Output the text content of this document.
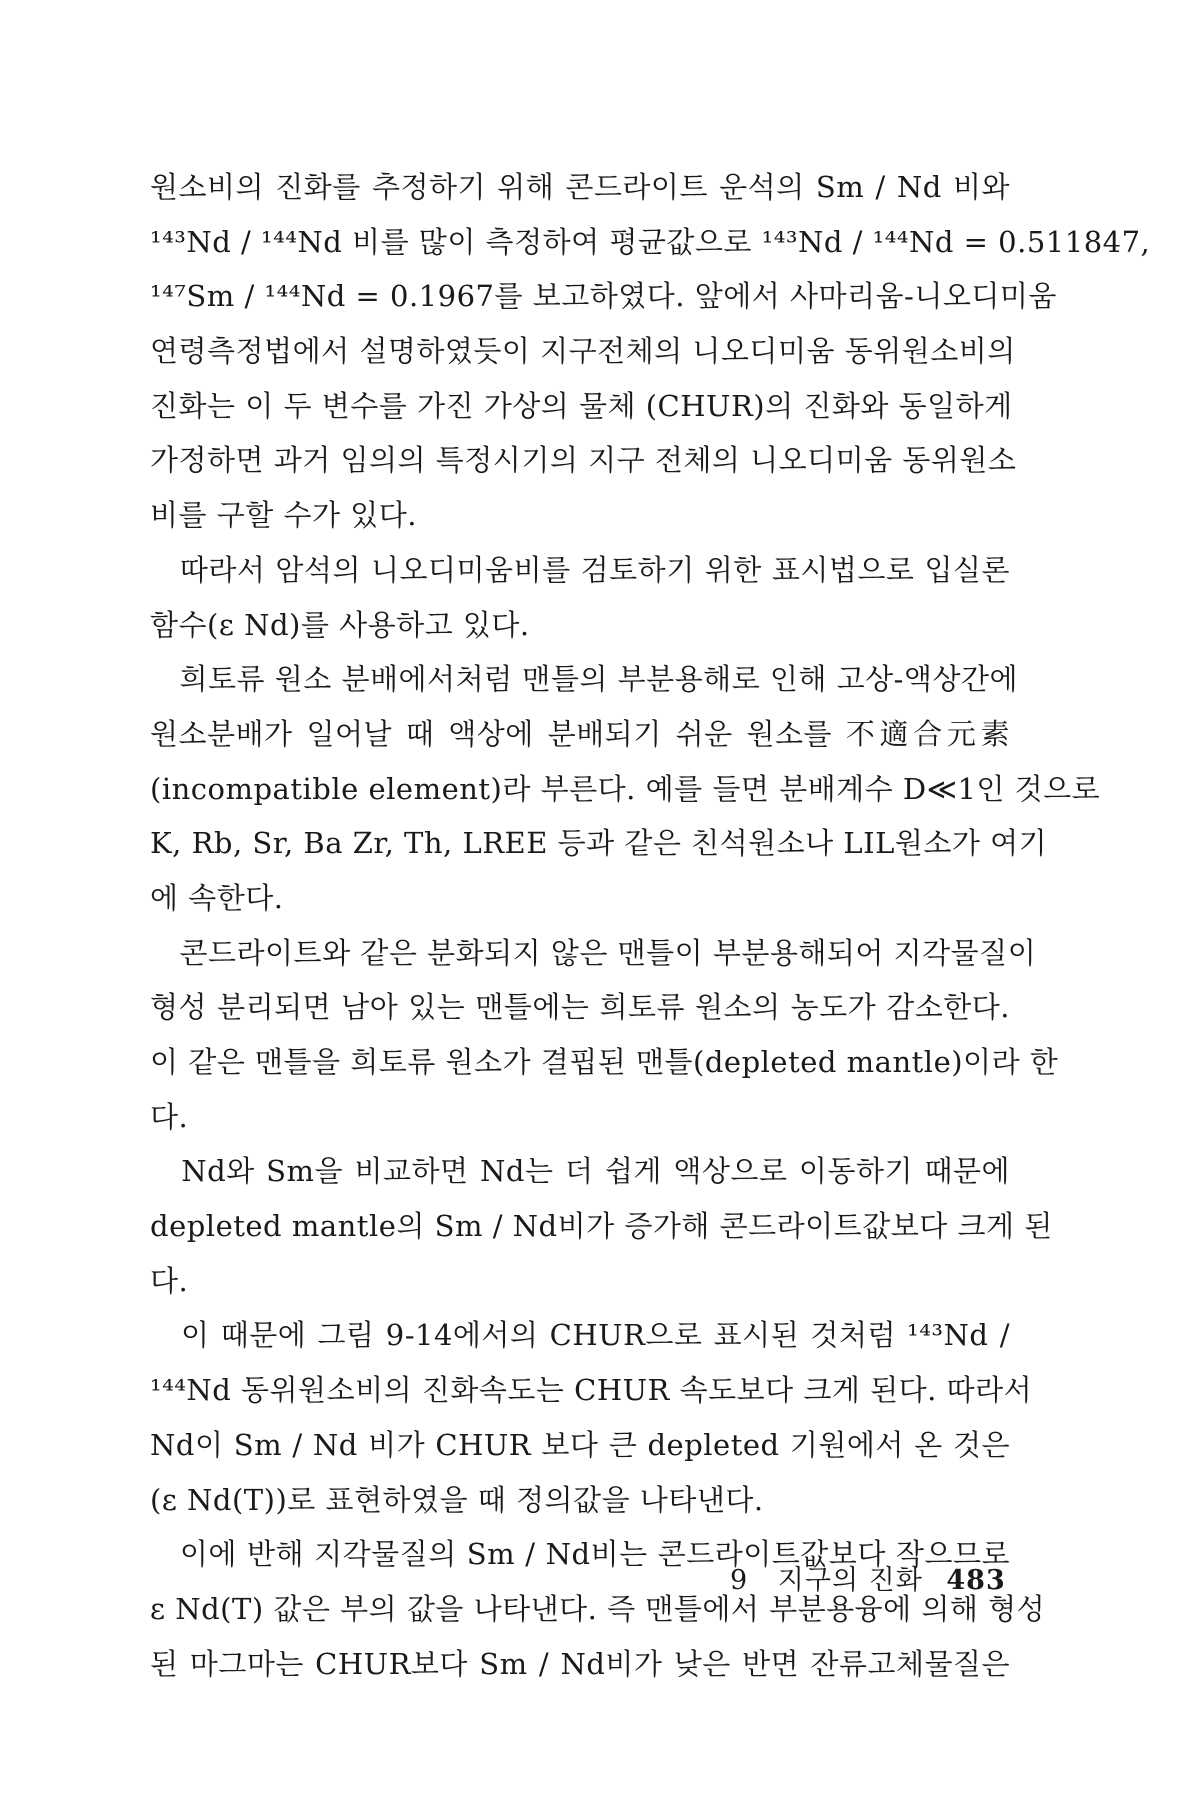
원소비의 진화를 추정하기 위해 콘드라이트 운석의 Sm / Nd 비와
¹⁴³Nd / ¹⁴⁴Nd 비를 많이 측정하여 평균값으로 ¹⁴³Nd / ¹⁴⁴Nd = 0.511847,
¹⁴⁷Sm / ¹⁴⁴Nd = 0.1967를 보고하였다. 앞에서 사마리움-니오디미움
연령측정법에서 설명하였듯이 지구전체의 니오디미움 동위원소비의
진화는 이 두 변수를 가진 가상의 물체 (CHUR)의 진화와 동일하게
가정하면 과거 임의의 특정시기의 지구 전체의 니오디미움 동위원소
비를 구할 수가 있다.
　따라서 암석의 니오디미움비를 검토하기 위한 표시법으로 입실론
함수(ε Nd)를 사용하고 있다.
　희토류 원소 분배에서처럼 맨틀의 부분용해로 인해 고상-액상간에
원소분배가 일어날 때 액상에 분배되기 쉬운 원소를 不適合元素
(incompatible element)라 부른다. 예를 들면 분배계수 D≪1인 것으로
K, Rb, Sr, Ba Zr, Th, LREE 등과 같은 친석원소나 LIL원소가 여기
에 속한다.
　콘드라이트와 같은 분화되지 않은 맨틀이 부분용해되어 지각물질이
형성 분리되면 남아 있는 맨틀에는 희토류 원소의 농도가 감소한다.
이 같은 맨틀을 희토류 원소가 결핍된 맨틀(depleted mantle)이라 한
다.
　Nd와 Sm을 비교하면 Nd는 더 쉽게 액상으로 이동하기 때문에
depleted mantle의 Sm / Nd비가 증가해 콘드라이트값보다 크게 된
다.
　이 때문에 그림 9-14에서의 CHUR으로 표시된 것처럼 ¹⁴³Nd /
¹⁴⁴Nd 동위원소비의 진화속도는 CHUR 속도보다 크게 된다. 따라서
Nd이 Sm / Nd 비가 CHUR 보다 큰 depleted 기원에서 온 것은
(ε Nd(T))로 표현하였을 때 정의값을 나타낸다.
　이에 반해 지각물질의 Sm / Nd비는 콘드라이트값보다 작으므로
ε Nd(T) 값은 부의 값을 나타낸다. 즉 맨틀에서 부분용융에 의해 형성
된 마그마는 CHUR보다 Sm / Nd비가 낮은 반면 잔류고체물질은
9 지구의 진화 483
